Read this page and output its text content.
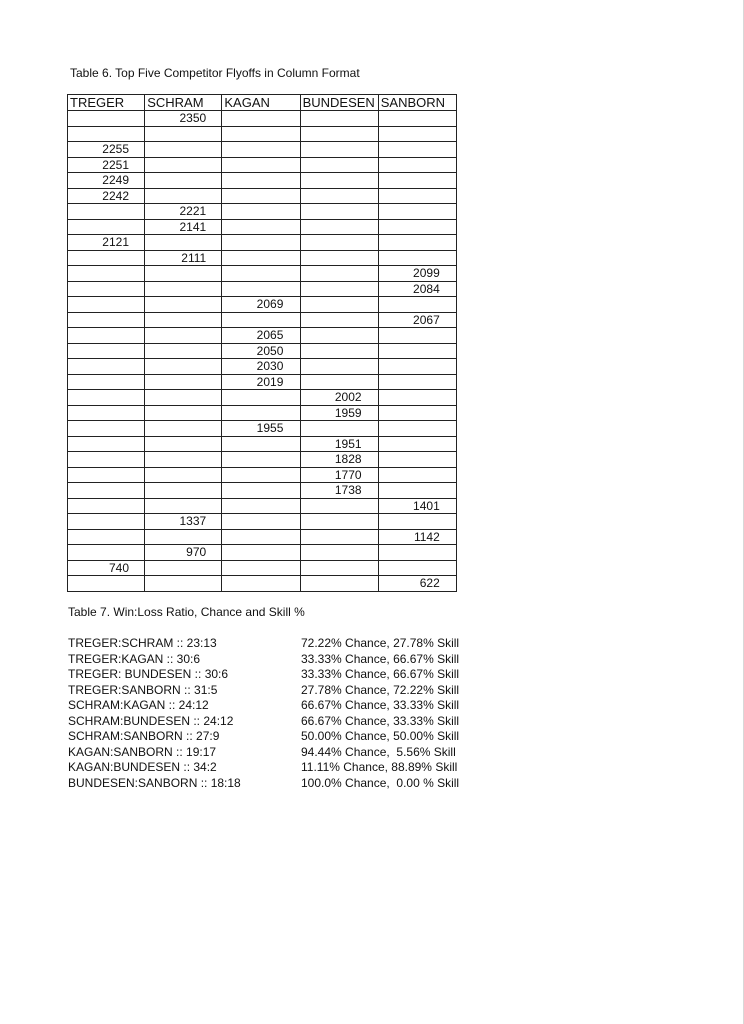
Table 6. Top Five Competitor Flyoffs in Column Format
TREGER	SCHRAM	KAGAN	BUNDESEN	SANBORN

	2350			

2255				

2251				

2249				

2242				

	2221			

	2141			

2121				

	2111			

				2099

				2084

		2069		

				2067

		2065		

		2050		

		2030		

		2019		

			2002	

			1959	

		1955		

			1951	

			1828	

			1770	

			1738	

				1401

	1337			

				1142

	970			

740				

				622
Table 7. Win:Loss Ratio, Chance and Skill %
TREGER:SCHRAM :: 23:13	72.22% Chance, 27.78% Skill
TREGER:KAGAN :: 30:6	33.33% Chance, 66.67% Skill
TREGER: BUNDESEN :: 30:6	33.33% Chance, 66.67% Skill
TREGER:SANBORN :: 31:5	27.78% Chance, 72.22% Skill
SCHRAM:KAGAN :: 24:12	66.67% Chance, 33.33% Skill
SCHRAM:BUNDESEN :: 24:12	66.67% Chance, 33.33% Skill
SCHRAM:SANBORN :: 27:9	50.00% Chance, 50.00% Skill
KAGAN:SANBORN :: 19:17	94.44% Chance,  5.56% Skill
KAGAN:BUNDESEN :: 34:2	11.11% Chance, 88.89% Skill
BUNDESEN:SANBORN :: 18:18	100.0% Chance,  0.00 % Skill
